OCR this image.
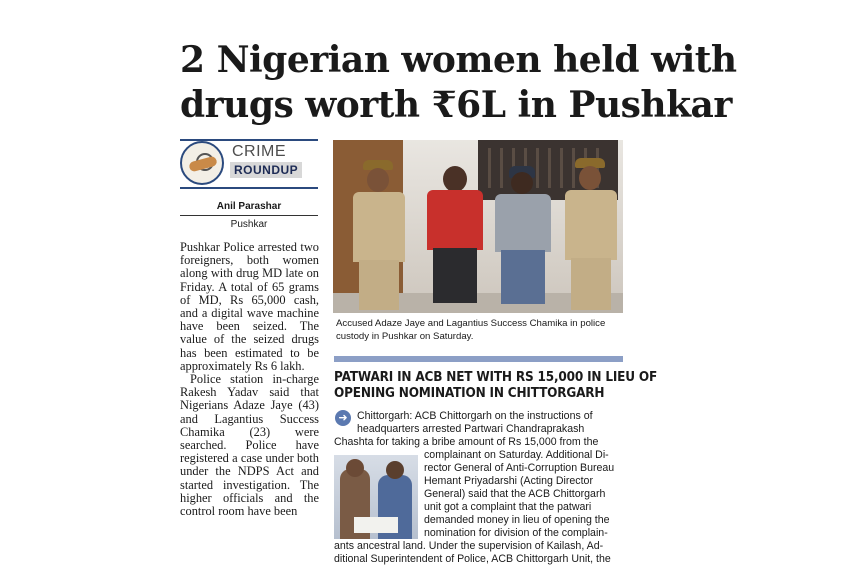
2 Nigerian women held with
drugs worth ₹6L in Pushkar
CRIME
ROUNDUP
Anil Parashar
Pushkar

Pushkar Police arrested two foreigners, both women along with drug MD late on Friday. A total of 65 grams of MD, Rs 65,000 cash, and a digital wave machine have been seized. The value of the seized drugs has been estimated to be approximately Rs 6 lakh.

Police station in-charge Rakesh Yadav said that Nigerians Adaze Jaye (43) and Lagantius Success Chamika (23) were searched. Police have registered a case under both under the NDPS Act and started investigation. The higher officials and the control room have been

Accused Adaze Jaye and Lagantius Success Chamika in police
custody in Pushkar on Saturday.
PATWARI IN ACB NET WITH RS 15,000 IN LIEU OF
OPENING NOMINATION IN CHITTORGARH
➜ Chittorgarh: ACB Chittorgarh on the instructions of
headquarters arrested Partwari Chandraprakash
Chashta for taking a bribe amount of Rs 15,000 from the
complainant on Saturday. Additional Di-
rector General of Anti-Corruption Bureau
Hemant Priyadarshi (Acting Director
General) said that the ACB Chittorgarh
unit got a complaint that the patwari
demanded money in lieu of opening the
nomination for division of the complain-
ants ancestral land. Under the supervision of Kailash, Ad-
ditional Superintendent of Police, ACB Chittorgarh Unit, the
